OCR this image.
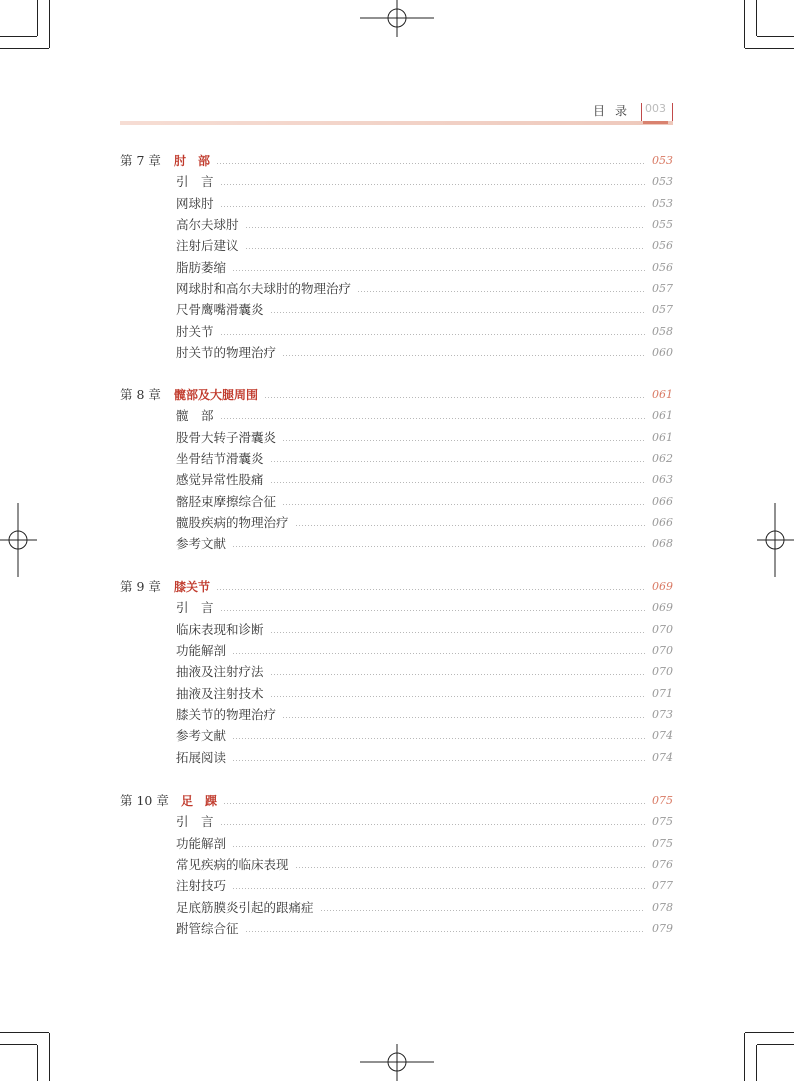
目录 003
第 7 章	肘　部	053
引　言	053
网球肘	053
高尔夫球肘	055
注射后建议	056
脂肪萎缩	056
网球肘和高尔夫球肘的物理治疗	057
尺骨鹰嘴滑囊炎	057
肘关节	058
肘关节的物理治疗	060
第 8 章	髋部及大腿周围	061
髋　部	061
股骨大转子滑囊炎	061
坐骨结节滑囊炎	062
感觉异常性股痛	063
髂胫束摩擦综合征	066
髋股疾病的物理治疗	066
参考文献	068
第 9 章	膝关节	069
引　言	069
临床表现和诊断	070
功能解剖	070
抽液及注射疗法	070
抽液及注射技术	071
膝关节的物理治疗	073
参考文献	074
拓展阅读	074
第 10 章	足　踝	075
引　言	075
功能解剖	075
常见疾病的临床表现	076
注射技巧	077
足底筋膜炎引起的跟痛症	078
跗管综合征	079
